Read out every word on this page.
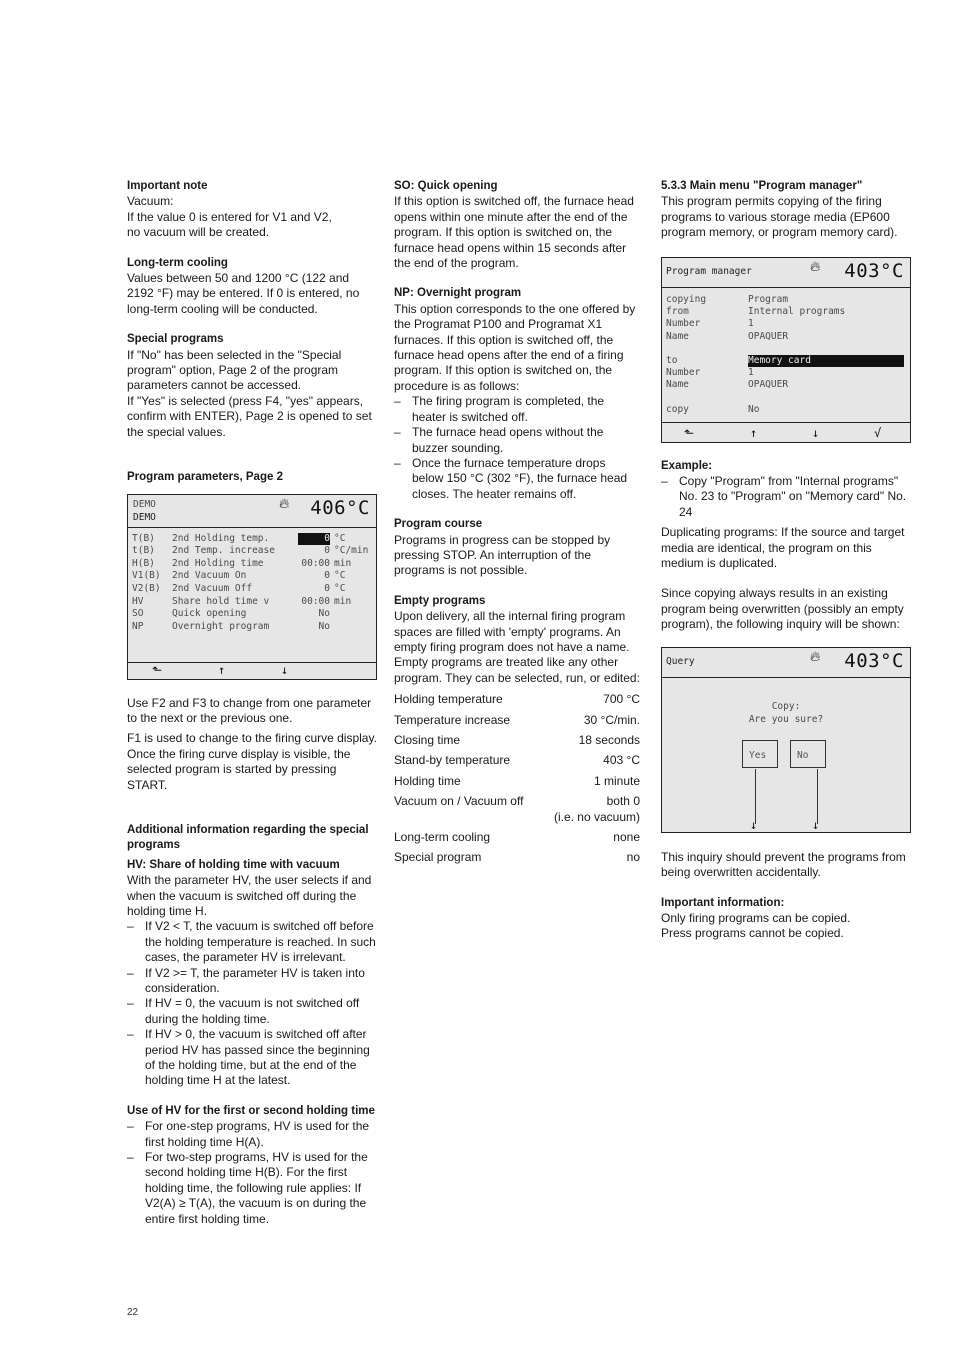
Important note

Vacuum:

If the value 0 is entered for V1 and V2,

no vacuum will be created.

Long-term cooling

Values between 50 and 1200 °C (122 and 2192 °F) may be entered. If 0 is entered, no long-term cooling will be conducted.

Special programs

If "No" has been selected in the "Special program" option, Page 2 of the program parameters cannot be accessed.

If "Yes" is selected (press F4, "yes" appears, confirm with ENTER), Page 2 is opened to set the special values.

Program parameters, Page 2
DEMO
DEMO
🔥︎ 406°C
T(B) 2nd Holding temp.	0 °C
t(B) 2nd Temp. increase	0 °C/min
H(B) 2nd Holding time	00:00 min
V1(B) 2nd Vacuum On	0 °C
V2(B) 2nd Vacuum Off	0 °C
HV	Share hold time v	00:00 min
SO	Quick opening	No
NP	Overnight program	No
⬑	↑	↓

Use F2 and F3 to change from one parameter to the next or the previous one.

F1 is used to change to the firing curve display. Once the firing curve display is visible, the selected program is started by pressing START.

Additional information regarding the special programs
HV: Share of holding time with vacuum

With the parameter HV, the user selects if and when the vacuum is switched off during the holding time H.

– If V2 < T, the vacuum is switched off before the holding temperature is reached. In such cases, the parameter HV is irrelevant.
– If V2 >= T, the parameter HV is taken into consideration.
– If HV = 0, the vacuum is not switched off during the holding time.
– If HV > 0, the vacuum is switched off after period HV has passed since the beginning of the holding time, but at the end of the holding time H at the latest.
Use of HV for the first or second holding time
– For one-step programs, HV is used for the first holding time H(A).
– For two-step programs, HV is used for the second holding time H(B). For the first holding time, the following rule applies: If V2(A) ≥ T(A), the vacuum is on during the entire first holding time.
SO: Quick opening

If this option is switched off, the furnace head opens within one minute after the end of the program. If this option is switched on, the furnace head opens within 15 seconds after the end of the program.

NP: Overnight program

This option corresponds to the one offered by the Programat P100 and Programat X1 furnaces. If this option is switched off, the furnace head opens after the end of a firing program. If this option is switched on, the procedure is as follows:

– The firing program is completed, the heater is switched off.
– The furnace head opens without the buzzer sounding.
– Once the furnace temperature drops below 150 °C (302 °F), the furnace head closes. The heater remains off.
Program course

Programs in progress can be stopped by pressing STOP. An interruption of the programs is not possible.

Empty programs

Upon delivery, all the internal firing program spaces are filled with 'empty' programs. An empty firing program does not have a name. Empty programs are treated like any other program. They can be selected, run, or edited:

Holding temperature	700 °C

Temperature increase	30 °C/min.

Closing time	18 seconds

Stand-by temperature	403 °C

Holding time	1 minute

Vacuum on / Vacuum off	both 0
(i.e. no vacuum)

Long-term cooling	none

Special program	no
5.3.3 Main menu "Program manager"

This program permits copying of the firing programs to various storage media (EP600 program memory, or program memory card).

Program manager	🔥︎ 403°C
copying	Program
from	Internal programs
Number	1
Name	OPAQUER
to	Memory card
Number	1
Name	OPAQUER
copy	No
⬑	↑	↓	√
Example:
– Copy "Program" from "Internal programs" No. 23 to "Program" on "Memory card" No. 24

Duplicating programs: If the source and target media are identical, the program on this medium is duplicated.

Since copying always results in an existing program being overwritten (possibly an empty program), the following inquiry will be shown:

Query	🔥︎ 403°C
Copy:
Are you sure?
Yes	No
↓	↓

This inquiry should prevent the programs from being overwritten accidentally.

Important information:

Only firing programs can be copied.

Press programs cannot be copied.

22
